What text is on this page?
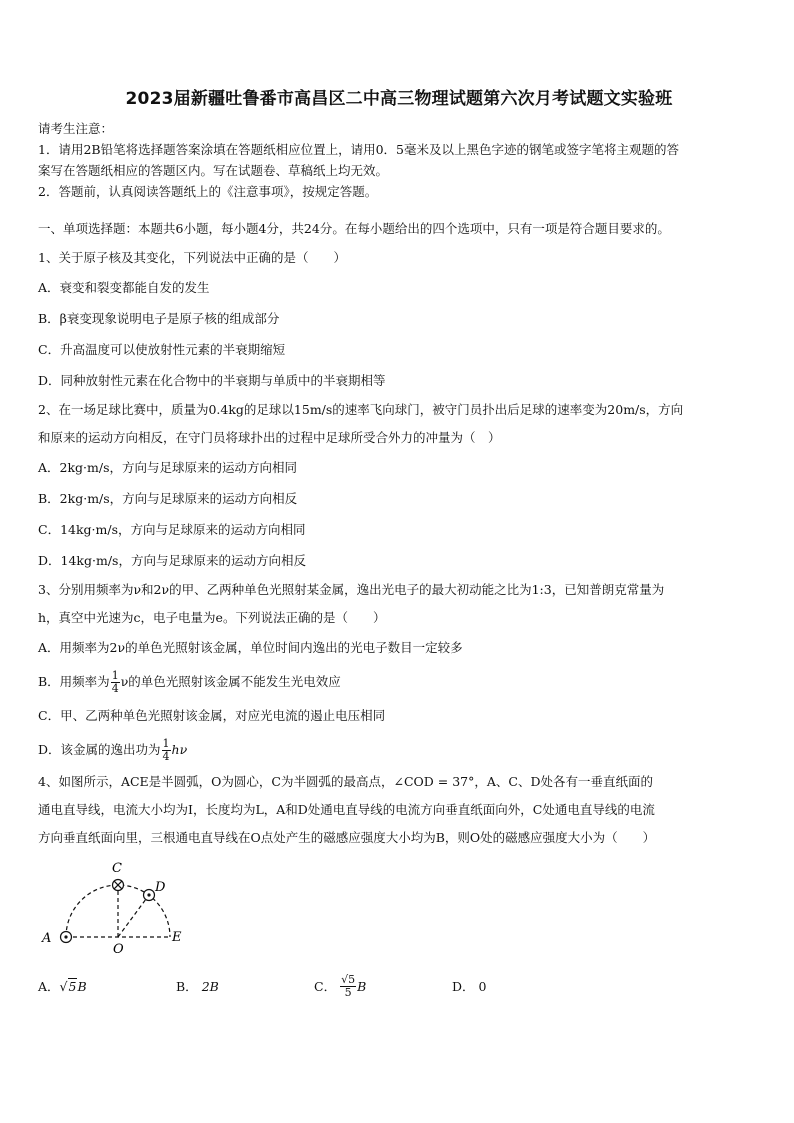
2023届新疆吐鲁番市高昌区二中高三物理试题第六次月考试题文实验班

请考生注意：

1．请用2B铅笔将选择题答案涂填在答题纸相应位置上，请用0．5毫米及以上黑色字迹的钢笔或签字笔将主观题的答

案写在答题纸相应的答题区内。写在试题卷、草稿纸上均无效。

2．答题前，认真阅读答题纸上的《注意事项》，按规定答题。

一、单项选择题：本题共6小题，每小题4分，共24分。在每小题给出的四个选项中，只有一项是符合题目要求的。

1、关于原子核及其变化，下列说法中正确的是（　　）

A．衰变和裂变都能自发的发生

B．β衰变现象说明电子是原子核的组成部分

C．升高温度可以使放射性元素的半衰期缩短

D．同种放射性元素在化合物中的半衰期与单质中的半衰期相等

2、在一场足球比赛中，质量为0.4kg的足球以15m/s的速率飞向球门，被守门员扑出后足球的速率变为20m/s，方向

和原来的运动方向相反，在守门员将球扑出的过程中足球所受合外力的冲量为（　）

A．2kg·m/s，方向与足球原来的运动方向相同

B．2kg·m/s，方向与足球原来的运动方向相反

C．14kg·m/s，方向与足球原来的运动方向相同

D．14kg·m/s，方向与足球原来的运动方向相反

3、分别用频率为ν和2ν的甲、乙两种单色光照射某金属，逸出光电子的最大初动能之比为1:3，已知普朗克常量为

h，真空中光速为c，电子电量为e。下列说法正确的是（　　）

A．用频率为2ν的单色光照射该金属，单位时间内逸出的光电子数目一定较多

B．用频率为 $\frac{1}{4}$ ν的单色光照射该金属不能发生光电效应

C．甲、乙两种单色光照射该金属，对应光电流的遏止电压相同

D．该金属的逸出功为 $\frac{1}{4}$ hν

4、如图所示，ACE是半圆弧，O为圆心，C为半圆弧的最高点，∠COD = 37°，A、C、D处各有一垂直纸面的

通电直导线，电流大小均为I，长度均为L，A和D处通电直导线的电流方向垂直纸面向外，C处通电直导线的电流

方向垂直纸面向里，三根通电直导线在O点处产生的磁感应强度大小均为B，则O处的磁感应强度大小为（　　）

A
C
D
O
E
A． √ 5 B	B． 2B	C． $\frac{√5}{5}$ B	D． 0
